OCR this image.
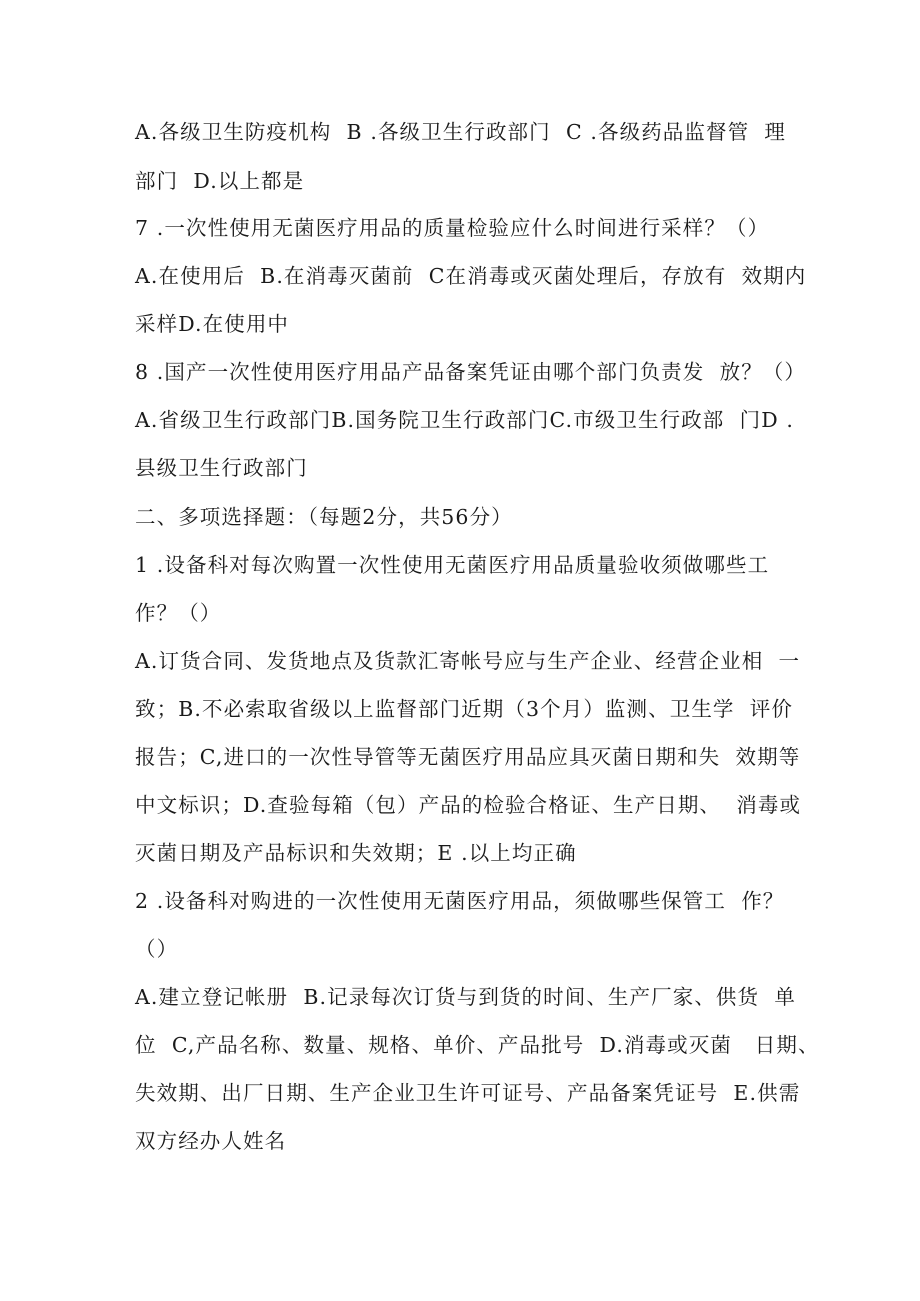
A.各级卫生防疫机构  B .各级卫生行政部门  C .各级药品监督管  理

部门  D.以上都是

7 .一次性使用无菌医疗用品的质量检验应什么时间进行采样？（）

A.在使用后  B.在消毒灭菌前  C在消毒或灭菌处理后，存放有  效期内

采样D.在使用中

8 .国产一次性使用医疗用品产品备案凭证由哪个部门负责发  放？（）

A.省级卫生行政部门B.国务院卫生行政部门C.市级卫生行政部  门D .

县级卫生行政部门

二、多项选择题：（每题2分，共56分）

1 .设备科对每次购置一次性使用无菌医疗用品质量验收须做哪些工

作？（）

A.订货合同、发货地点及货款汇寄帐号应与生产企业、经营企业相  一

致；B.不必索取省级以上监督部门近期（3个月）监测、卫生学  评价

报告；C,进口的一次性导管等无菌医疗用品应具灭菌日期和失  效期等

中文标识；D.查验每箱（包）产品的检验合格证、生产日期、  消毒或

灭菌日期及产品标识和失效期；E .以上均正确

2 .设备科对购进的一次性使用无菌医疗用品，须做哪些保管工  作？

（）

A.建立登记帐册  B.记录每次订货与到货的时间、生产厂家、供货  单

位  C,产品名称、数量、规格、单价、产品批号  D.消毒或灭菌   日期、

失效期、出厂日期、生产企业卫生许可证号、产品备案凭证号  E.供需

双方经办人姓名
